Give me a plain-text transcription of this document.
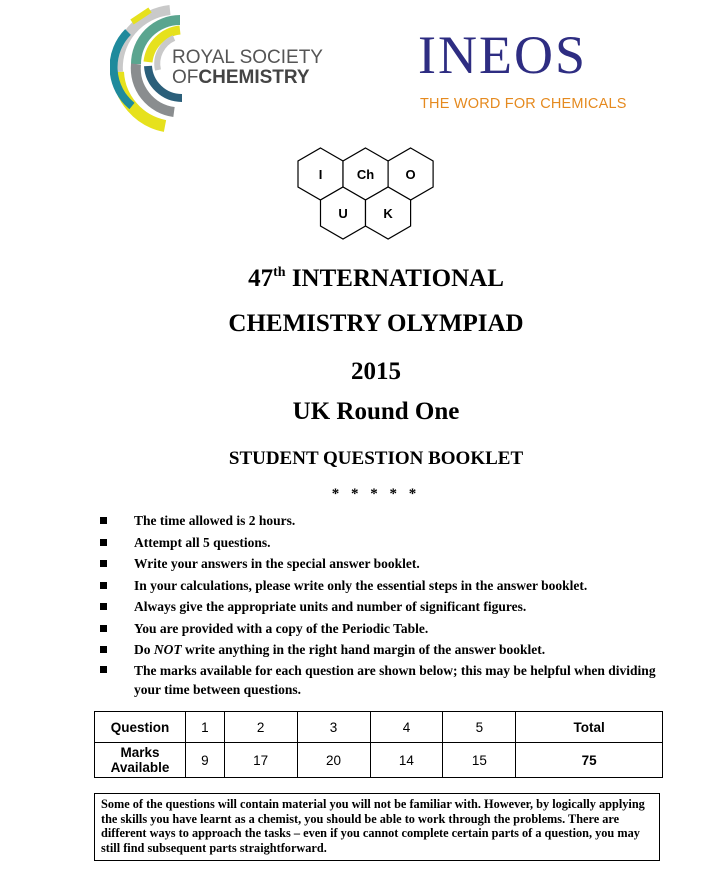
ROYAL SOCIETY
OFCHEMISTRY INEOS
THE WORD FOR CHEMICALS
I	Ch O
U	K
47th INTERNATIONAL
CHEMISTRY OLYMPIAD
2015
UK Round One
STUDENT QUESTION BOOKLET
* * * * *
The time allowed is 2 hours.
Attempt all 5 questions.
Write your answers in the special answer booklet.
In your calculations, please write only the essential steps in the answer booklet.
Always give the appropriate units and number of significant figures.
You are provided with a copy of the Periodic Table.
Do NOT write anything in the right hand margin of the answer booklet.
The marks available for each question are shown below; this may be helpful when dividing your time between questions.
Question	1	2	3	4	5	Total
Marks
Available	9	17	20	14	15	75
Some of the questions will contain material you will not be familiar with. However, by logically applying the skills you have learnt as a chemist, you should be able to work through the problems. There are different ways to approach the tasks – even if you cannot complete certain parts of a question, you may still find subsequent parts straightforward.
